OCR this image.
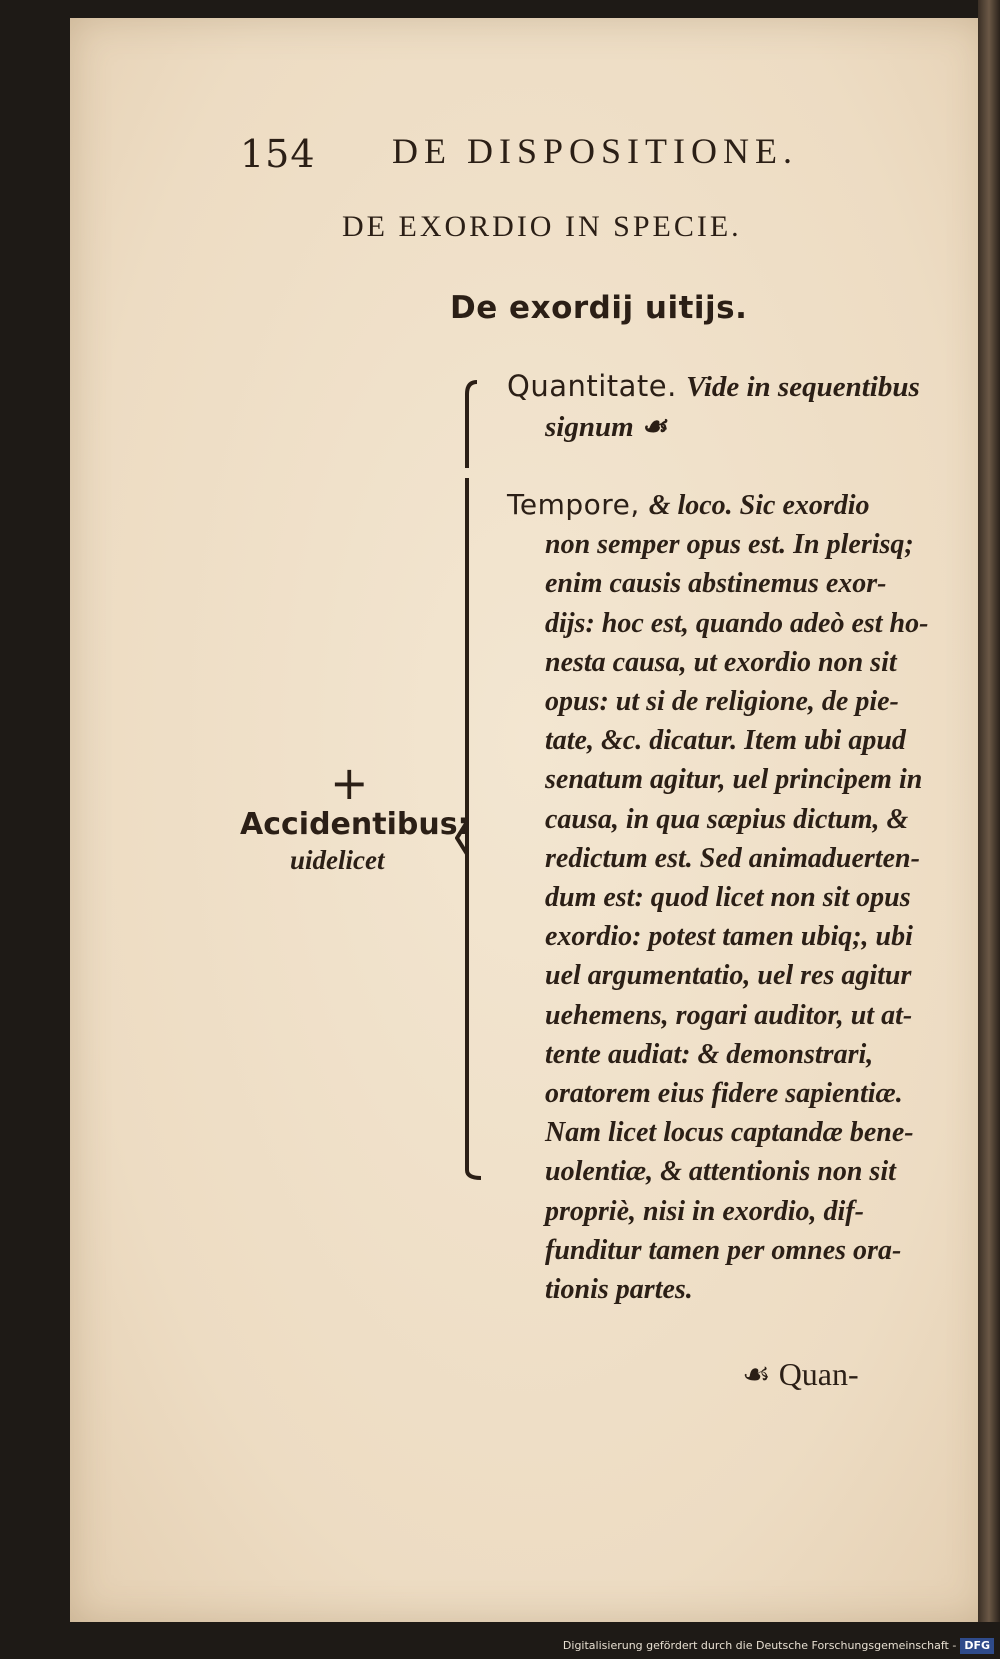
154 DE DISPOSITIONE.
DE EXORDIO IN SPECIE.
De exordij uitijs.
+
Accidentibus:
uidelicet
Quantitate. Vide in sequentibus
signum ☙
Tempore, & loco. Sic exordio
non semper opus est. In plerisq;
enim causis abstinemus exor-
dijs: hoc est, quando adeò est ho-
nesta causa, ut exordio non sit
opus: ut si de religione, de pie-
tate, &c. dicatur. Item ubi apud
senatum agitur, uel principem in
causa, in qua sæpius dictum, &
redictum est. Sed animaduerten-
dum est: quod licet non sit opus
exordio: potest tamen ubiq;, ubi
uel argumentatio, uel res agitur
uehemens, rogari auditor, ut at-
tente audiat: & demonstrari,
oratorem eius fidere sapientiæ.
Nam licet locus captandæ bene-
uolentiæ, & attentionis non sit
propriè, nisi in exordio, dif-
funditur tamen per omnes ora-
tionis partes.
☙ Quan-
Digitalisierung gefördert durch die Deutsche Forschungsgemeinschaft - DFG
